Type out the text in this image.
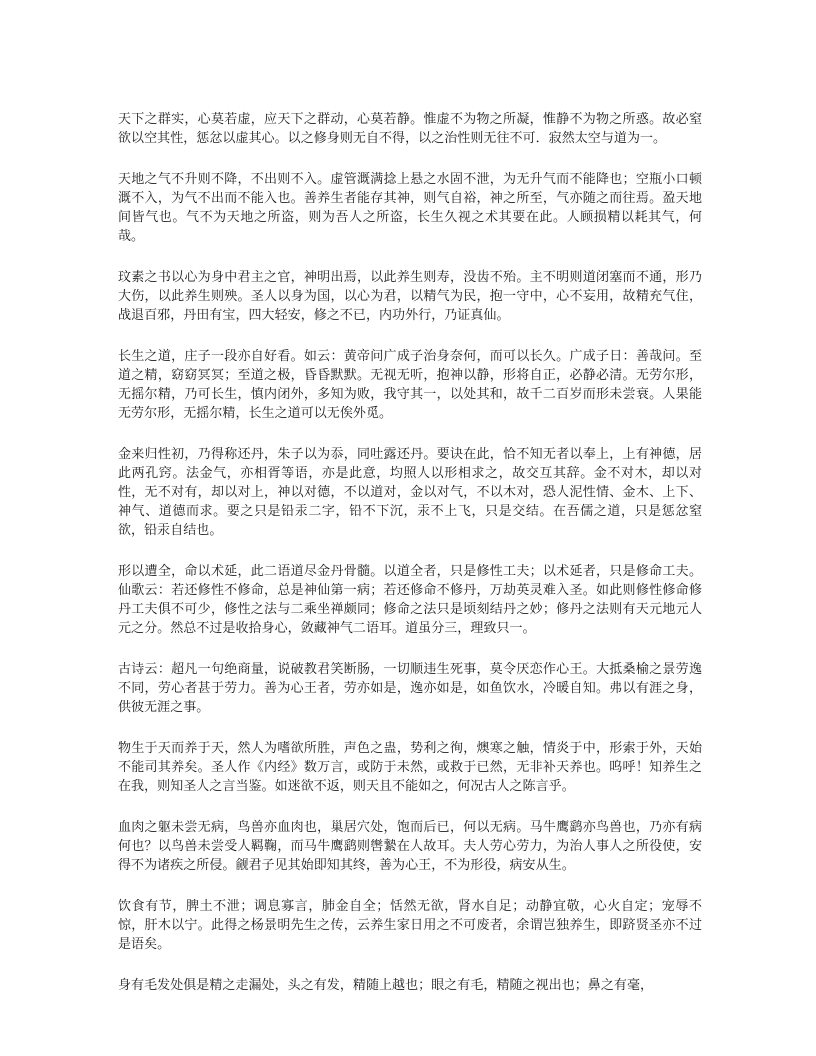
天下之群实，心莫若虚，应天下之群动，心莫若静。惟虚不为物之所凝，惟静不为物之所惑。故必窒欲以空其性，惩忿以虚其心。以之修身则无自不得，以之治性则无往不可．寂然太空与道为一。

天地之气不升则不降，不出则不入。虚管溉满捻上悬之水固不泄，为无升气而不能降也；空瓶小口顿溉不入，为气不出而不能入也。善养生者能存其神，则气自裕，神之所至，气亦随之而往焉。盈天地间皆气也。气不为天地之所盗，则为吾人之所盗，长生久视之术其要在此。人顾损精以耗其气，何哉。

玟素之书以心为身中君主之官，神明出焉，以此养生则寿，没齿不殆。主不明则道闭塞而不通，形乃大伤，以此养生则殃。圣人以身为国，以心为君，以精气为民，抱一守中，心不妄用，故精充气住，战退百邪，丹田有宝，四大轻安，修之不已，内功外行，乃证真仙。

长生之道，庄子一段亦自好看。如云：黄帝问广成子治身奈何，而可以长久。广成子日：善哉问。至道之精，窈窈冥冥；至道之极，昏昏默默。无视无听，抱神以静，形将自正，必静必清。无劳尔形，无摇尔精，乃可长生，慎内闭外，多知为败，我守其一，以处其和，故千二百岁而形未尝衰。人果能无劳尔形，无摇尔精，长生之道可以无俟外觅。

金来归性初，乃得称还丹，朱子以为忝，同吐露还丹。要诀在此，恰不知无者以奉上，上有神德，居此两孔窍。法金气，亦相胥等语，亦是此意，均照人以形相求之，故交互其辞。金不对木，却以对性，无不对有，却以对上，神以对德，不以道对，金以对气，不以木对，恐人泥性情、金木、上下、神气、道德而求。要之只是铅汞二字，铅不下沉，汞不上飞，只是交结。在吾儒之道，只是惩忿窒欲，铅汞自结也。

形以遭全，命以术延，此二语道尽金丹骨髓。以道全者，只是修性工夫；以术延者，只是修命工夫。仙歌云：若还修性不修命，总是神仙第一病；若还修命不修丹，万劫英灵难入圣。如此则修性修命修丹工夫俱不可少，修性之法与二乘坐禅颇同；修命之法只是顷刻结丹之妙；修丹之法则有天元地元人元之分。然总不过是收拾身心，敛藏神气二语耳。道虽分三，理致只一。

古诗云：超凡一句绝商量，说破教君笑断肠，一切顺违生死事，莫令厌恋作心王。大抵桑榆之景劳逸不同，劳心者甚于劳力。善为心王者，劳亦如是，逸亦如是，如鱼饮水，冷暖自知。弗以有涯之身，供彼无涯之事。

物生于天而养于天，然人为嗜欲所胜，声色之蛊，势利之徇，燠寒之触，情炎于中，形索于外，天始不能司其养矣。圣人作《内经》数万言，或防于未然，或救于已然，无非补天养也。呜呼！知养生之在我，则知圣人之言当鉴。如迷欲不返，则天且不能如之，何况古人之陈言乎。

血肉之躯未尝无病，鸟兽亦血肉也，巢居穴处，饱而后已，何以无病。马牛鹰鹞亦鸟兽也，乃亦有病何也？以鸟兽未尝受人羁鞠，而马牛鹰鹞则辔縶在人故耳。夫人劳心劳力，为治人事人之所役使，安得不为诸疾之所侵。觎君子见其始即知其终，善为心王，不为形役，病安从生。

饮食有节，脾土不泄；调息寡言，肺金自全；恬然无欲，肾水自足；动静宜敬，心火自定；宠辱不惊，肝木以宁。此得之杨景明先生之传，云养生家日用之不可废者，余谓岂独养生，即跻贤圣亦不过是语矣。

身有毛发处俱是精之走漏处，头之有发，精随上越也；眼之有毛，精随之视出也；鼻之有毫，
